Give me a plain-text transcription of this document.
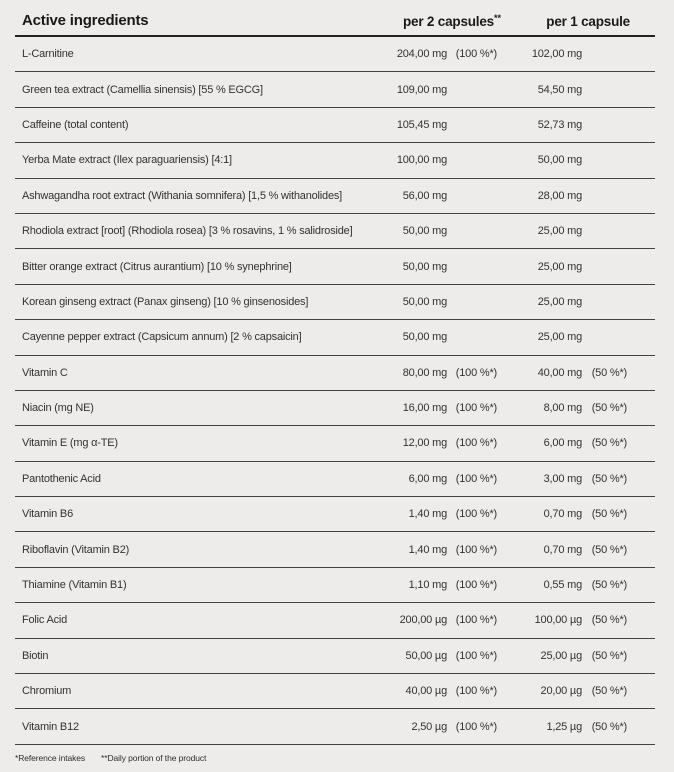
Active ingredients	per 2 capsules**	per 1 capsule
L-Carnitine	204,00 mg (100 %*)	102,00 mg
Green tea extract (Camellia sinensis) [55 % EGCG]	109,00 mg	54,50 mg
Caffeine (total content)	105,45 mg	52,73 mg
Yerba Mate extract (Ilex paraguariensis) [4:1]	100,00 mg	50,00 mg
Ashwagandha root extract (Withania somnifera) [1,5 % withanolides]	56,00 mg	28,00 mg
Rhodiola extract [root] (Rhodiola rosea) [3 % rosavins, 1 % salidroside]	50,00 mg	25,00 mg
Bitter orange extract (Citrus aurantium) [10 % synephrine]	50,00 mg	25,00 mg
Korean ginseng extract (Panax ginseng) [10 % ginsenosides]	50,00 mg	25,00 mg
Cayenne pepper extract (Capsicum annum) [2 % capsaicin]	50,00 mg	25,00 mg
Vitamin C	80,00 mg (100 %*)	40,00 mg (50 %*)
Niacin (mg NE)	16,00 mg (100 %*)	8,00 mg (50 %*)
Vitamin E (mg α-TE)	12,00 mg (100 %*)	6,00 mg (50 %*)
Pantothenic Acid	6,00 mg (100 %*)	3,00 mg (50 %*)
Vitamin B6	1,40 mg (100 %*)	0,70 mg (50 %*)
Riboflavin (Vitamin B2)	1,40 mg (100 %*)	0,70 mg (50 %*)
Thiamine (Vitamin B1)	1,10 mg (100 %*)	0,55 mg (50 %*)
Folic Acid	200,00 µg (100 %*)	100,00 µg (50 %*)
Biotin	50,00 µg (100 %*)	25,00 µg (50 %*)
Chromium	40,00 µg (100 %*)	20,00 µg (50 %*)
Vitamin B12	2,50 µg (100 %*)	1,25 µg (50 %*)
*Reference intakes **Daily portion of the product
